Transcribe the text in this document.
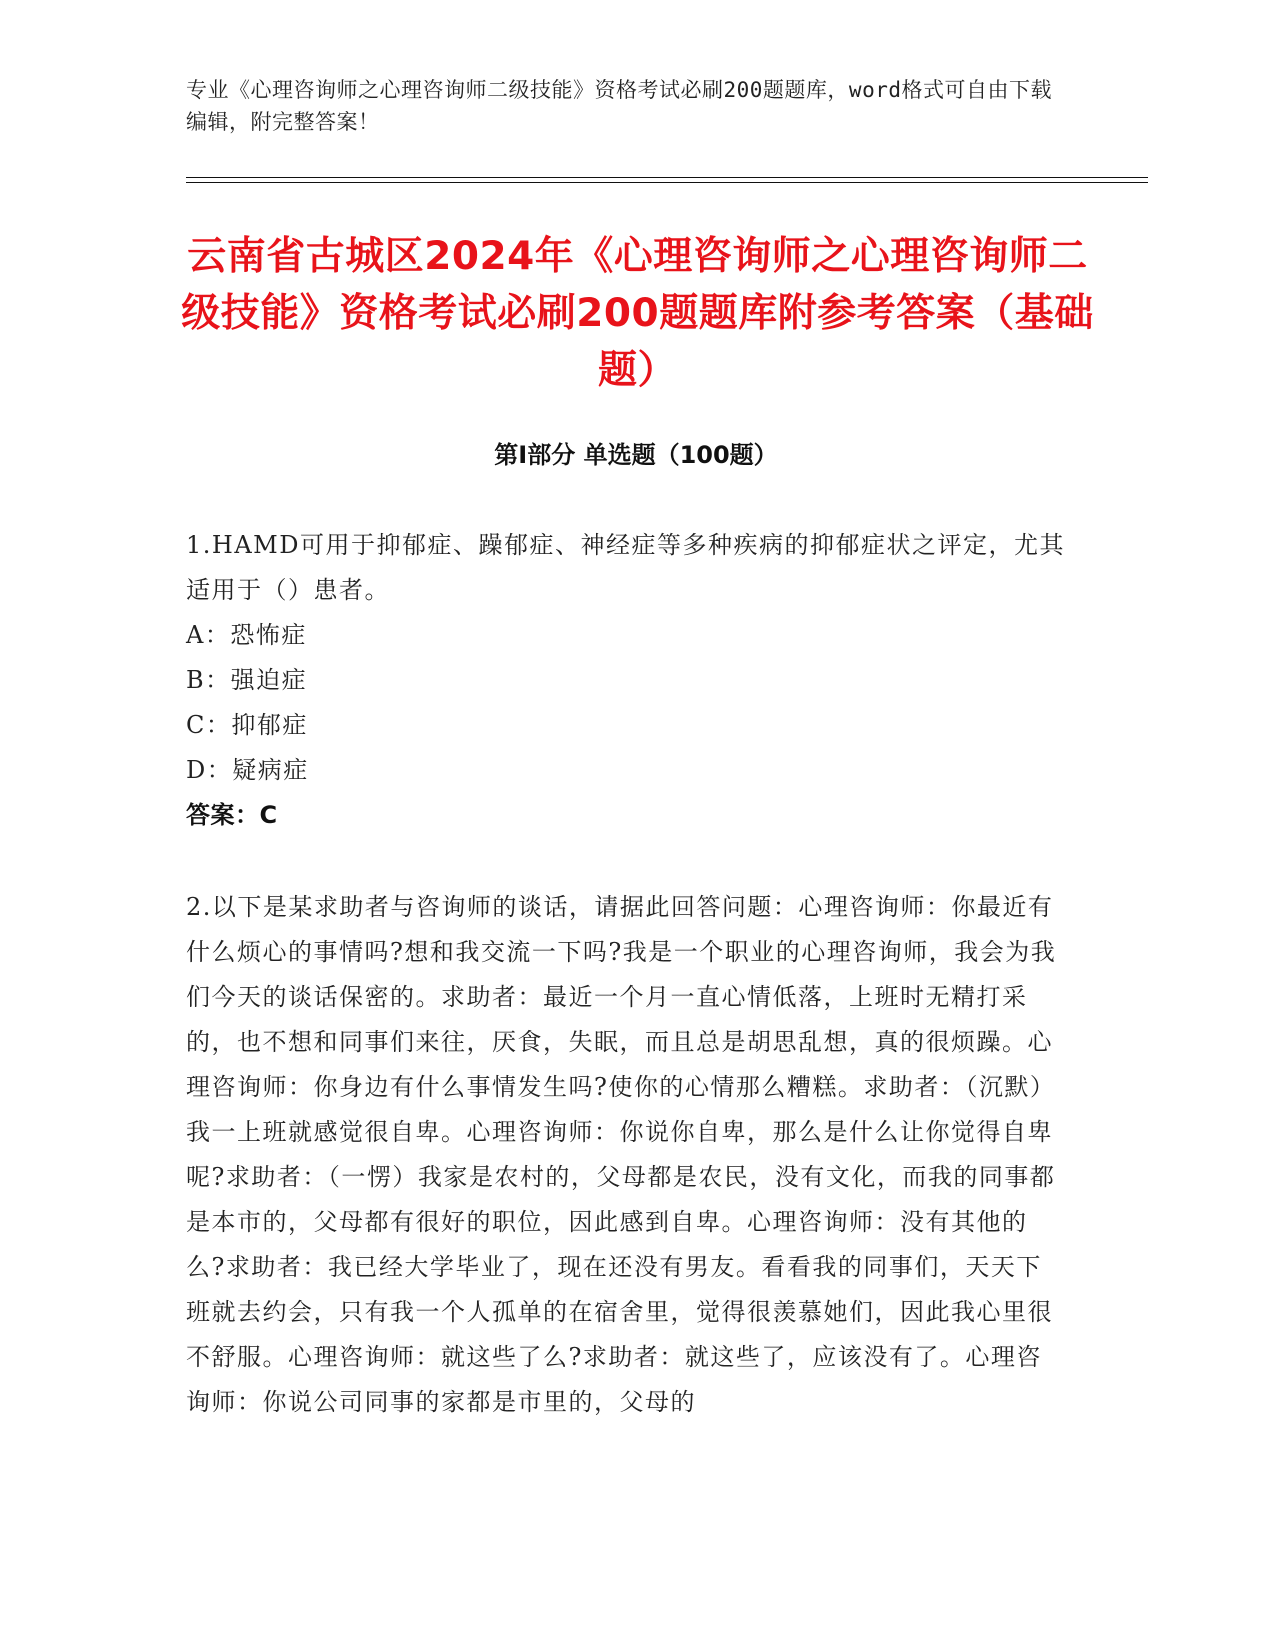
专业《心理咨询师之心理咨询师二级技能》资格考试必刷200题题库，word格式可自由下载编辑，附完整答案！
云南省古城区2024年《心理咨询师之心理咨询师二级技能》资格考试必刷200题题库附参考答案（基础题）
第Ⅰ部分 单选题（100题）

1.HAMD可用于抑郁症、躁郁症、神经症等多种疾病的抑郁症状之评定，尤其适用于（）患者。

A：恐怖症

B：强迫症

C：抑郁症

D：疑病症

答案：C

2.以下是某求助者与咨询师的谈话，请据此回答问题：心理咨询师：你最近有什么烦心的事情吗?想和我交流一下吗?我是一个职业的心理咨询师，我会为我们今天的谈话保密的。求助者：最近一个月一直心情低落，上班时无精打采的，也不想和同事们来往，厌食，失眠，而且总是胡思乱想，真的很烦躁。心理咨询师：你身边有什么事情发生吗?使你的心情那么糟糕。求助者：（沉默）我一上班就感觉很自卑。心理咨询师：你说你自卑，那么是什么让你觉得自卑呢?求助者：（一愣）我家是农村的，父母都是农民，没有文化，而我的同事都是本市的，父母都有很好的职位，因此感到自卑。心理咨询师：没有其他的么?求助者：我已经大学毕业了，现在还没有男友。看看我的同事们，天天下班就去约会，只有我一个人孤单的在宿舍里，觉得很羡慕她们，因此我心里很不舒服。心理咨询师：就这些了么?求助者：就这些了，应该没有了。心理咨询师：你说公司同事的家都是市里的，父母的
